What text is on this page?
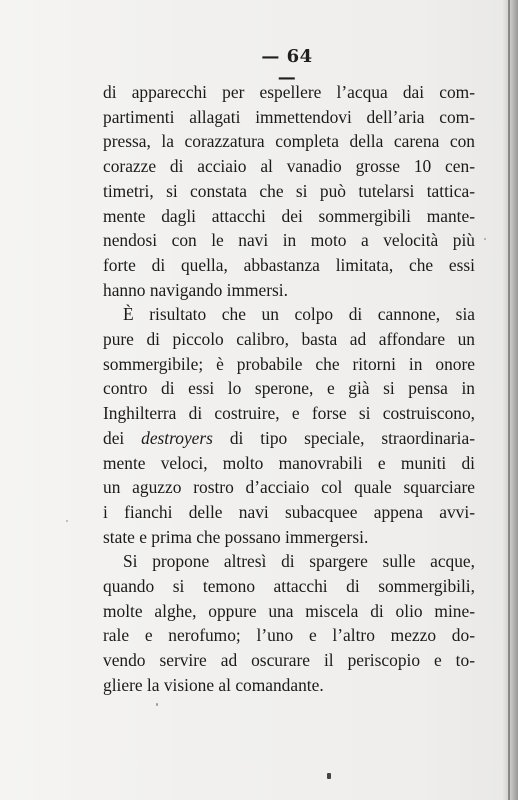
— 64 —
di apparecchi per espellere l’acqua dai com-
partimenti allagati immettendovi dell’aria com-
pressa, la corazzatura completa della carena con
corazze di acciaio al vanadio grosse 10 cen-
timetri, si constata che si può tutelarsi tattica-
mente dagli attacchi dei sommergibili mante-
nendosi con le navi in moto a velocità più
forte di quella, abbastanza limitata, che essi
hanno navigando immersi.
È risultato che un colpo di cannone, sia
pure di piccolo calibro, basta ad affondare un
sommergibile; è probabile che ritorni in onore
contro di essi lo sperone, e già si pensa in
Inghilterra di costruire, e forse si costruiscono,
dei destroyers di tipo speciale, straordinaria-
mente veloci, molto manovrabili e muniti di
un aguzzo rostro d’acciaio col quale squarciare
i fianchi delle navi subacquee appena avvi-
state e prima che possano immergersi.
Si propone altresì di spargere sulle acque,
quando si temono attacchi di sommergibili,
molte alghe, oppure una miscela di olio mine-
rale e nerofumo; l’uno e l’altro mezzo do-
vendo servire ad oscurare il periscopio e to-
gliere la visione al comandante.
